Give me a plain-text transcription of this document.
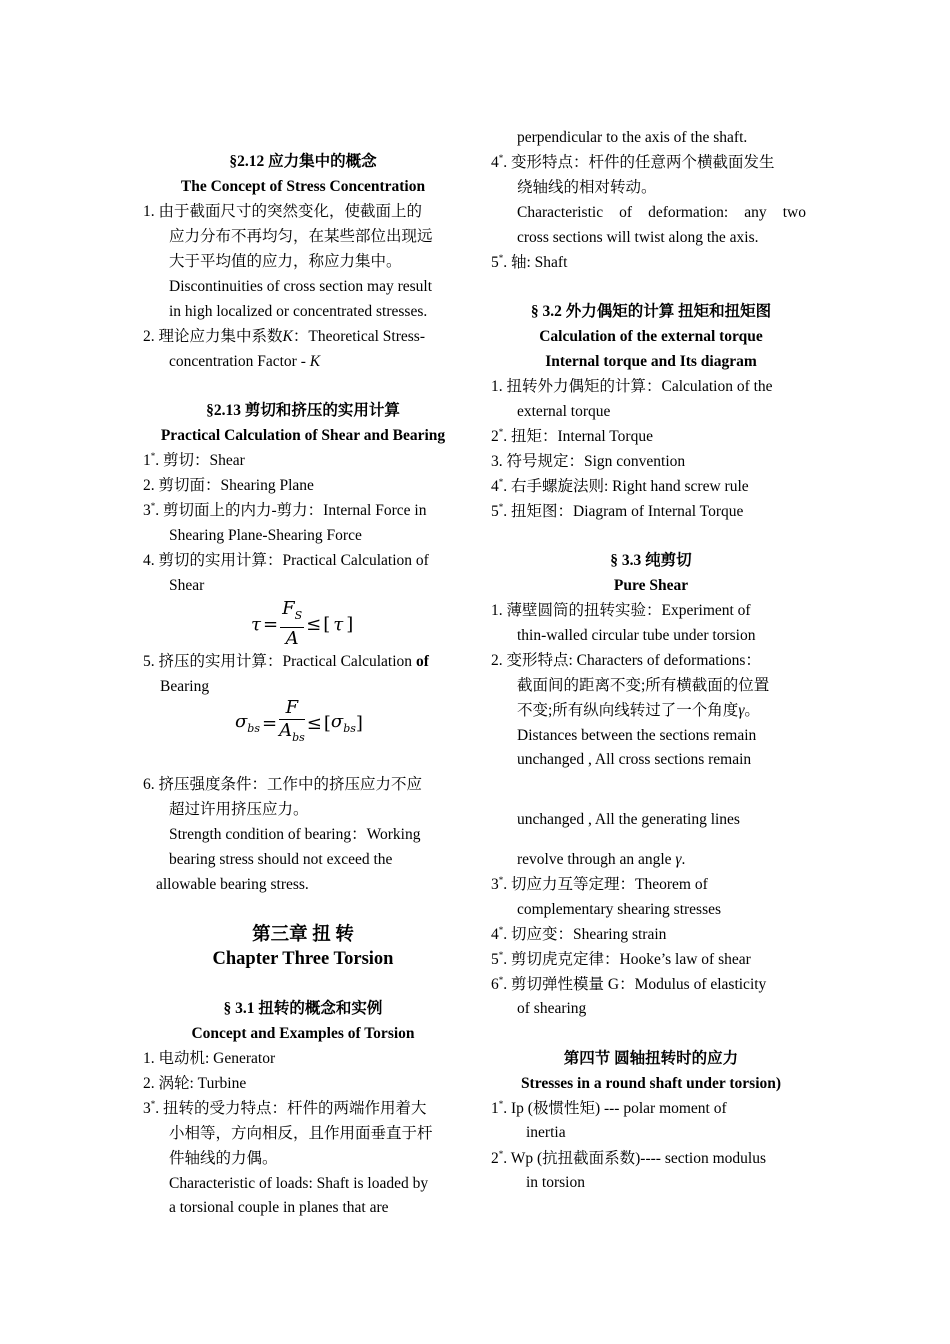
§2.12 应力集中的概念
The Concept of Stress Concentration
1. 由于截面尺寸的突然变化，使截面上的
应力分布不再均匀，在某些部位出现远
大于平均值的应力，称应力集中。
Discontinuities of cross section may result
in high localized or concentrated stresses.
2. 理论应力集中系数K：Theoretical Stress-
concentration Factor - K
§2.13 剪切和挤压的实用计算
Practical Calculation of Shear and Bearing
1*. 剪切：Shear
2. 剪切面：Shearing Plane
3*. 剪切面上的内力-剪力：Internal Force in
Shearing Plane-Shearing Force
4. 剪切的实用计算：Practical Calculation of
Shear
$\tau = \frac{F_S}{A}$ ≤ [ τ ]
5. 挤压的实用计算：Practical Calculation of
Bearing
$\sigma_{bs} = \frac{F}{A_{bs}}$ ≤ [ $\sigma_{bs}$ ]
6. 挤压强度条件：工作中的挤压应力不应
超过许用挤压应力。
Strength condition of bearing：Working
bearing stress should not exceed the
allowable bearing stress.
第三章 扭 转
Chapter Three Torsion
§ 3.1 扭转的概念和实例
Concept and Examples of Torsion
1. 电动机: Generator
2. 涡轮: Turbine
3*. 扭转的受力特点：杆件的两端作用着大
小相等，方向相反，且作用面垂直于杆
件轴线的力偶。
Characteristic of loads: Shaft is loaded by
a torsional couple in planes that are
perpendicular to the axis of the shaft.
4*. 变形特点：杆件的任意两个横截面发生
绕轴线的相对转动。
Characteristic of deformation: any two
cross sections will twist along the axis.
5*. 轴: Shaft
§ 3.2 外力偶矩的计算 扭矩和扭矩图
Calculation of the external torque
Internal torque and Its diagram
1. 扭转外力偶矩的计算：Calculation of the
external torque
2*. 扭矩：Internal Torque
3. 符号规定：Sign convention
4*. 右手螺旋法则: Right hand screw rule
5*. 扭矩图：Diagram of Internal Torque
§ 3.3 纯剪切
Pure Shear
1. 薄壁圆筒的扭转实验：Experiment of
thin-walled circular tube under torsion
2. 变形特点: Characters of deformations：
截面间的距离不变;所有横截面的位置
不变;所有纵向线转过了一个角度γ。
Distances between the sections remain
unchanged , All cross sections remain
unchanged , All the generating lines
revolve through an angle γ.
3*. 切应力互等定理：Theorem of
complementary shearing stresses
4*. 切应变：Shearing strain
5*. 剪切虎克定律：Hooke’s law of shear
6*. 剪切弹性模量 G：Modulus of elasticity
of shearing
第四节 圆轴扭转时的应力
Stresses in a round shaft under torsion)
1*. Ip (极惯性矩) --- polar moment of
inertia
2*. Wp (抗扭截面系数)---- section modulus
in torsion
